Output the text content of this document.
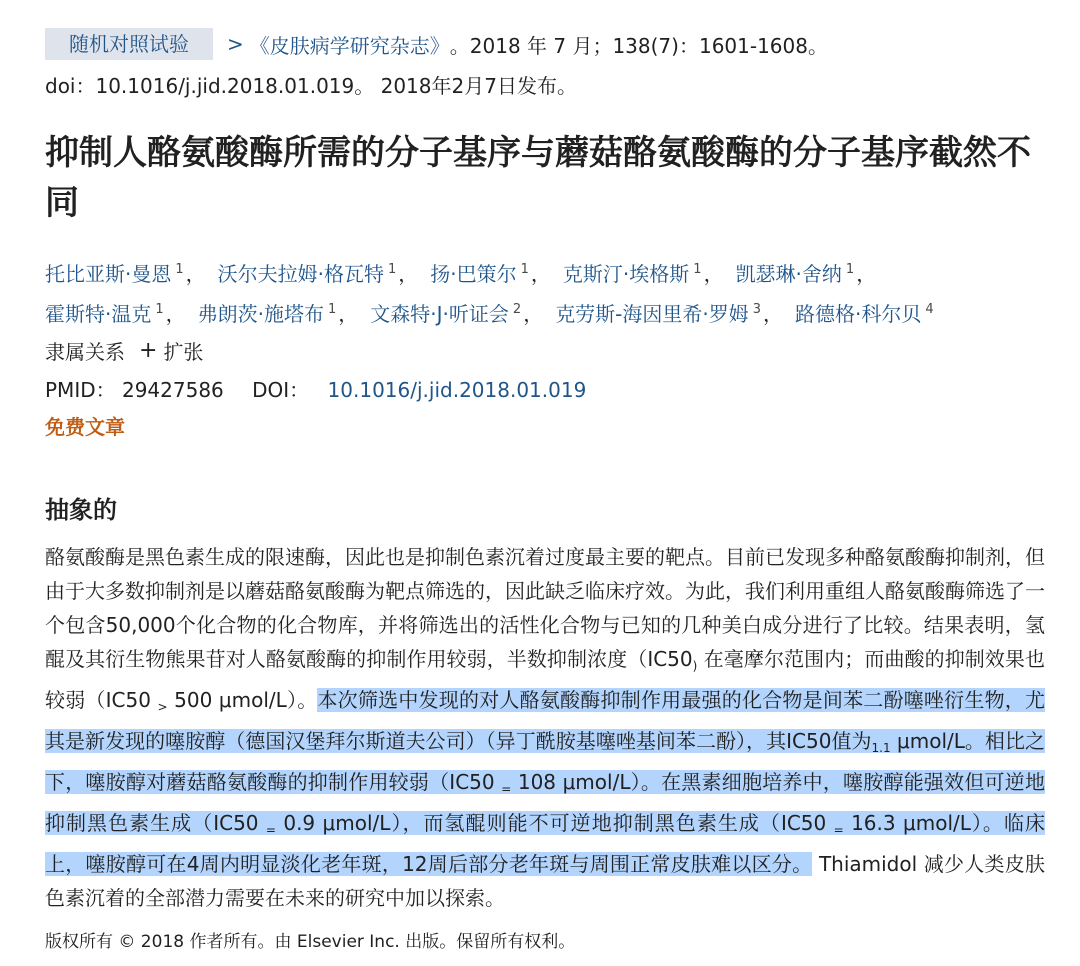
随机对照试验	> 《皮肤病学研究杂志》 。2018 年 7 月；138(7)：1601-1608。
doi：10.1016/j.jid.2018.01.019。 2018年2月7日发布。
抑制人酪氨酸酶所需的分子基序与蘑菇酪氨酸酶的分子基序截然不同
托比亚斯·曼恩 $^1$ ， 沃尔夫拉姆·格瓦特 $^1$ ， 扬·巴策尔 $^1$ ， 克斯汀·埃格斯 $^1$ ， 凯瑟琳·舍纳 $^1$ ，
霍斯特·温克 $^1$ ， 弗朗茨·施塔布 $^1$ ， 文森特·J·听证会 $^2$ ， 克劳斯-海因里希·罗姆 $^3$ ， 路德格·科尔贝 $^4$
隶属关系 + 扩张
PMID： 29427586 DOI： 10.1016/j.jid.2018.01.019
免费文章
抽象的

酪氨酸酶是黑色素生成的限速酶，因此也是抑制色素沉着过度最主要的靶点。目前已发现多种酪氨酸酶抑制剂，但由于大多数抑制剂是以蘑菇酪氨酸酶为靶点筛选的，因此缺乏临床疗效。为此，我们利用重组人酪氨酸酶筛选了一个包含50,000个化合物的化合物库，并将筛选出的活性化合物与已知的几种美白成分进行了比较。结果表明，氢醌及其衍生物熊果苷对人酪氨酸酶的抑制作用较弱，半数抑制浓度（$IC50_)$ 在毫摩尔范围内；而曲酸的抑制效果也较弱（IC50 $_>$ 500 μmol/L）。本次筛选中发现的对人酪氨酸酶抑制作用最强的化合物是间苯二酚噻唑衍生物，尤其是新发现的噻胺醇（德国汉堡拜尔斯道夫公司）（异丁酰胺基噻唑基间苯二酚），其IC50值为$_{1.1}$ μmol/L。相比之下，噻胺醇对蘑菇酪氨酸酶的抑制作用较弱（IC50 $_=$ 108 μmol/L）。在黑素细胞培养中，噻胺醇能强效但可逆地抑制黑色素生成（IC50 $_=$ 0.9 μmol/L），而氢醌则能不可逆地抑制黑色素生成（IC50 $_=$ 16.3 μmol/L）。临床上，噻胺醇可在4周内明显淡化老年斑，12周后部分老年斑与周围正常皮肤难以区分。 Thiamidol 减少人类皮肤色素沉着的全部潜力需要在未来的研究中加以探索。

版权所有 © 2018 作者所有。由 Elsevier Inc. 出版。保留所有权利。
